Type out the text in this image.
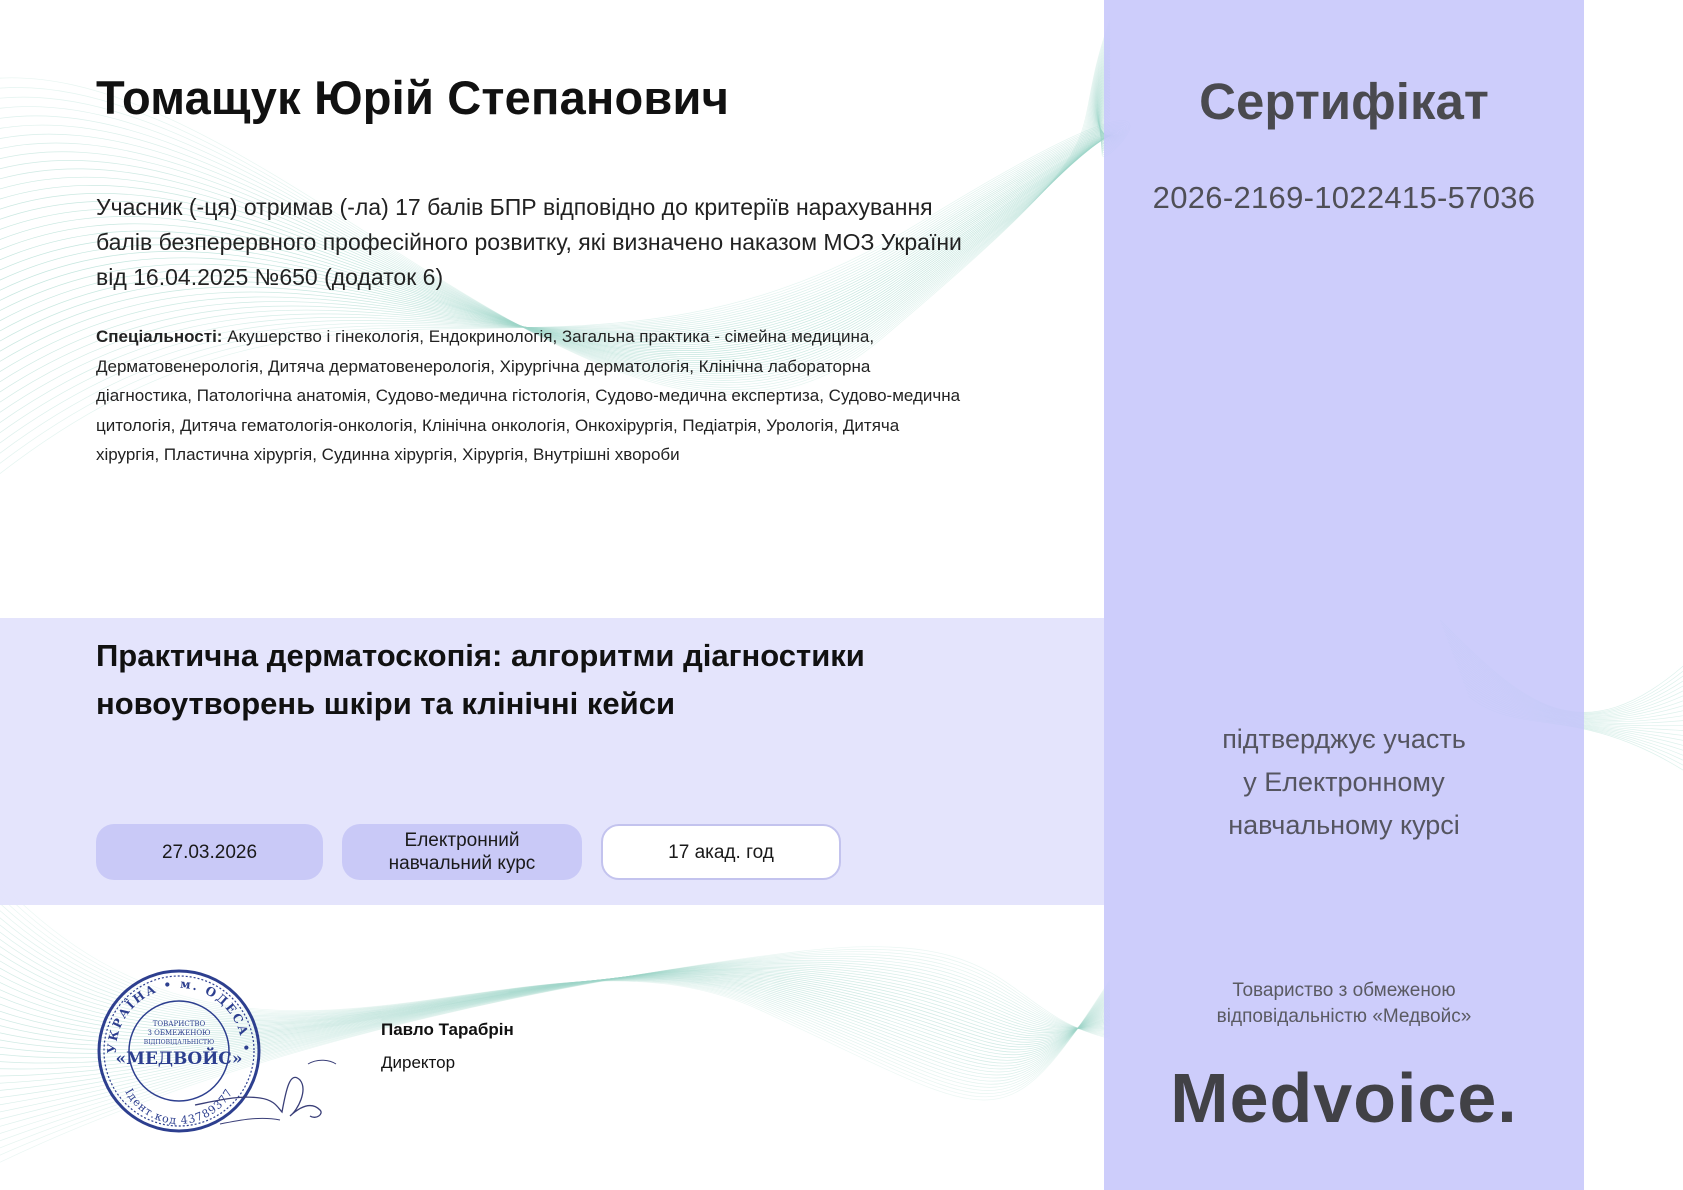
Томащук Юрій Степанович

Учасник (-ця) отримав (-ла) 17 балів БПР відповідно до критеріїв нарахування
балів безперервного професійного розвитку, які визначено наказом МОЗ України
від 16.04.2025 №650 (додаток 6)

Спеціальності: Акушерство і гінекологія, Ендокринологія, Загальна практика - сімейна медицина,
Дерматовенерологія, Дитяча дерматовенерологія, Хірургічна дерматологія, Клінічна лабораторна
діагностика, Патологічна анатомія, Судово-медична гістологія, Судово-медична експертиза, Судово-медична
цитологія, Дитяча гематологія-онкологія, Клінічна онкологія, Онкохірургія, Педіатрія, Урологія, Дитяча
хірургія, Пластична хірургія, Судинна хірургія, Хірургія, Внутрішні хвороби

Практична дерматоскопія: алгоритми діагностики
новоутворень шкіри та клінічні кейси
27.03.2026
Електронний
навчальний курс
17 акад. год
УКРАЇНА • м. ОДЕСА •
Ідент.код 43789377
ТОВАРИСТВО
З ОБМЕЖЕНОЮ
ВІДПОВІДАЛЬНІСТЮ
«МЕДВОЙС»

Павло Тарабрін

Директор

Сертифікат

2026-2169-1022415-57036

підтверджує участь
у Електронному
навчальному курсі

Товариство з обмеженою
відповідальністю «Медвойс»

Medvoice.
